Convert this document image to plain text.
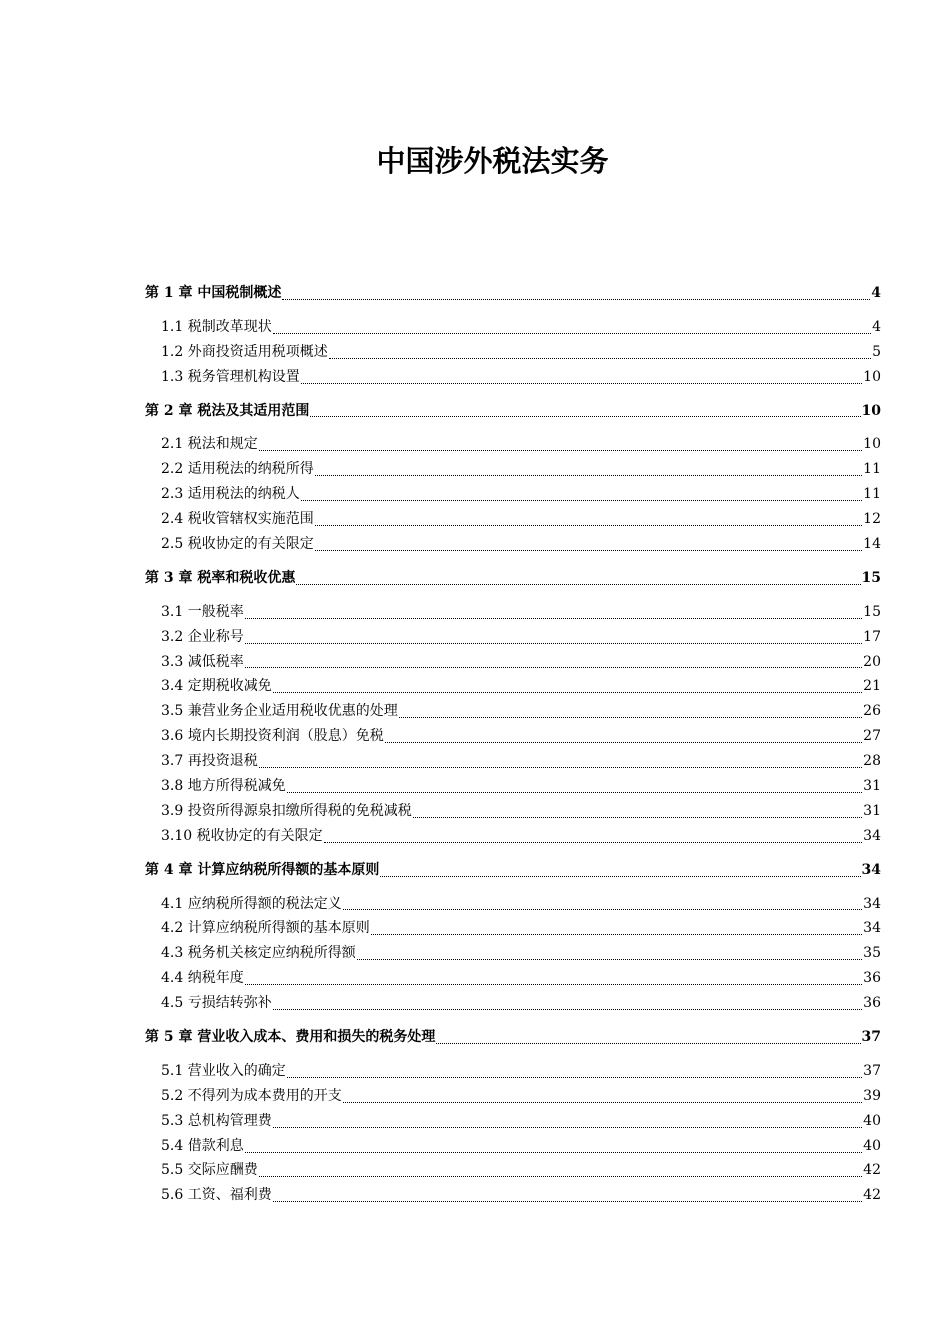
中国涉外税法实务
第 1 章 中国税制概述	4
1.1 税制改革现状	4
1.2 外商投资适用税项概述	5
1.3 税务管理机构设置	10
第 2 章 税法及其适用范围	10
2.1 税法和规定	10
2.2 适用税法的纳税所得	11
2.3 适用税法的纳税人	11
2.4 税收管辖权实施范围	12
2.5 税收协定的有关限定	14
第 3 章 税率和税收优惠	15
3.1 一般税率	15
3.2 企业称号	17
3.3 减低税率	20
3.4 定期税收减免	21
3.5 兼营业务企业适用税收优惠的处理	26
3.6 境内长期投资利润（股息）免税	27
3.7 再投资退税	28
3.8 地方所得税减免	31
3.9 投资所得源泉扣缴所得税的免税减税	31
3.10 税收协定的有关限定	34
第 4 章 计算应纳税所得额的基本原则	34
4.1 应纳税所得额的税法定义	34
4.2 计算应纳税所得额的基本原则	34
4.3 税务机关核定应纳税所得额	35
4.4 纳税年度	36
4.5 亏损结转弥补	36
第 5 章 营业收入成本、费用和损失的税务处理	37
5.1 营业收入的确定	37
5.2 不得列为成本费用的开支	39
5.3 总机构管理费	40
5.4 借款利息	40
5.5 交际应酬费	42
5.6 工资、福利费	42
